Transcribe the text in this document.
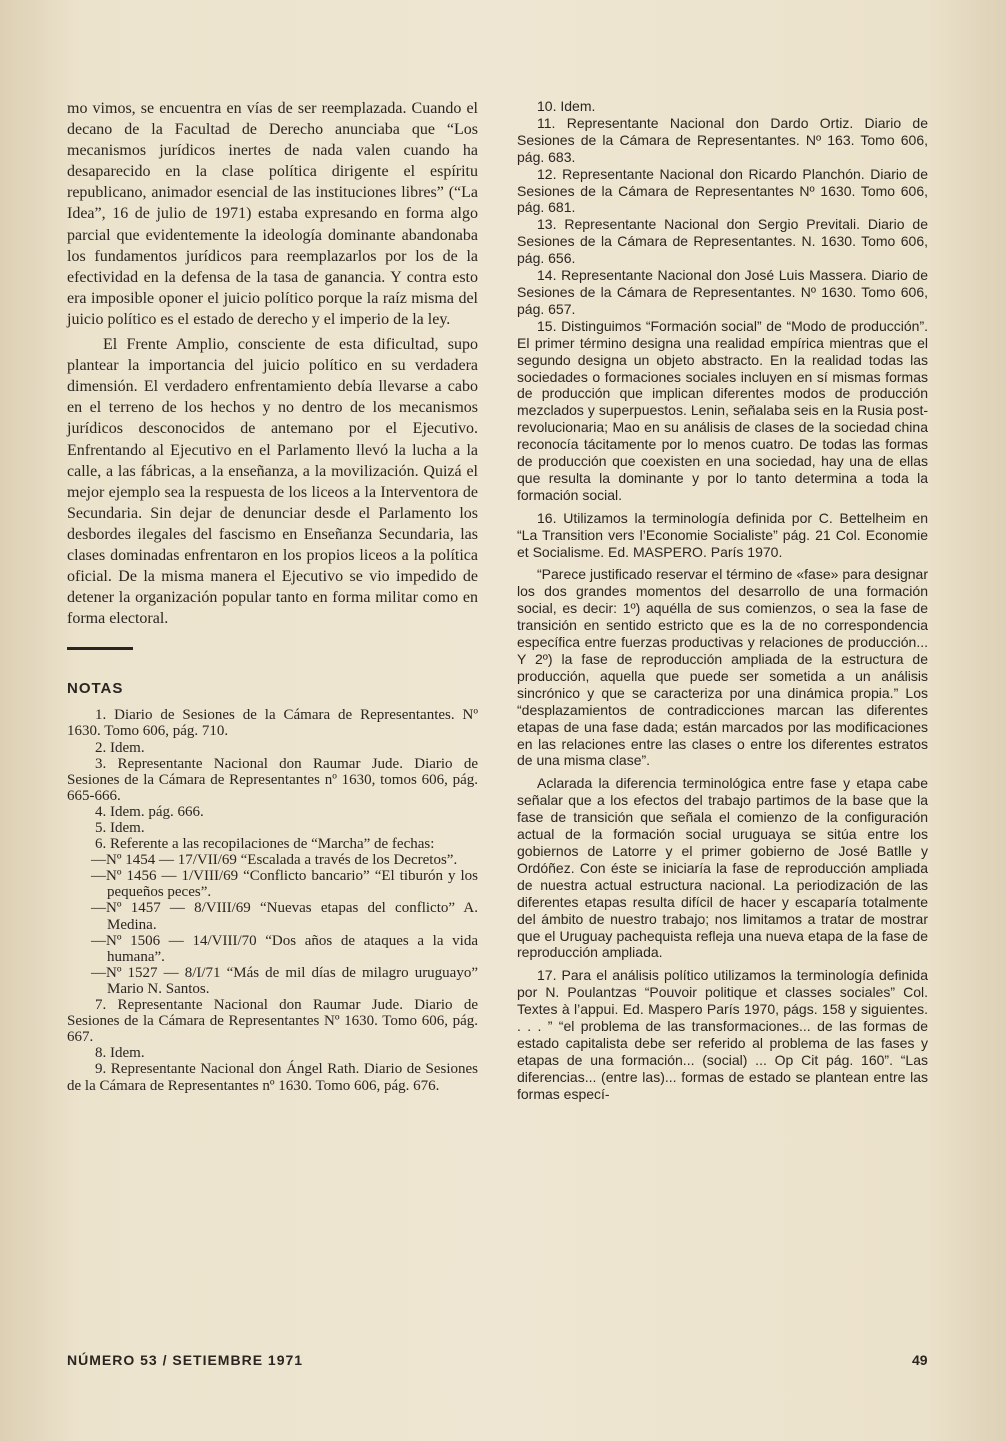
mo vimos, se encuentra en vías de ser reemplazada. Cuando el decano de la Facultad de Derecho anunciaba que “Los mecanismos jurídicos inertes de nada valen cuando ha desaparecido en la clase política dirigente el espíritu republicano, animador esencial de las instituciones libres” (“La Idea”, 16 de julio de 1971) estaba expresando en forma algo parcial que evidentemente la ideología dominante abandonaba los fundamentos jurídicos para reemplazarlos por los de la efectividad en la defensa de la tasa de ganancia. Y contra esto era imposible oponer el juicio político porque la raíz misma del juicio político es el estado de derecho y el imperio de la ley.

El Frente Amplio, consciente de esta dificultad, supo plantear la importancia del juicio político en su verdadera dimensión. El verdadero enfrentamiento debía llevarse a cabo en el terreno de los hechos y no dentro de los mecanismos jurídicos desconocidos de antemano por el Ejecutivo. Enfrentando al Ejecutivo en el Parlamento llevó la lucha a la calle, a las fábricas, a la enseñanza, a la movilización. Quizá el mejor ejemplo sea la respuesta de los liceos a la Interventora de Secundaria. Sin dejar de denunciar desde el Parlamento los desbordes ilegales del fascismo en Enseñanza Secundaria, las clases dominadas enfrentaron en los propios liceos a la política oficial. De la misma manera el Ejecutivo se vio impedido de detener la organización popular tanto en forma militar como en forma electoral.

NOTAS

1. Diario de Sesiones de la Cámara de Representantes. Nº 1630. Tomo 606, pág. 710.

2. Idem.

3. Representante Nacional don Raumar Jude. Diario de Sesiones de la Cámara de Representantes nº 1630, tomos 606, pág. 665-666.

4. Idem. pág. 666.

5. Idem.

6. Referente a las recopilaciones de “Marcha” de fechas:

—Nº 1454 — 17/VII/69 “Escalada a través de los Decretos”.

—Nº 1456 — 1/VIII/69 “Conflicto bancario” “El tiburón y los pequeños peces”.

—Nº 1457 — 8/VIII/69 “Nuevas etapas del conflicto” A. Medina.

—Nº 1506 — 14/VIII/70 “Dos años de ataques a la vida humana”.

—Nº 1527 — 8/I/71 “Más de mil días de milagro uruguayo” Mario N. Santos.

7. Representante Nacional don Raumar Jude. Diario de Sesiones de la Cámara de Representantes Nº 1630. Tomo 606, pág. 667.

8. Idem.

9. Representante Nacional don Ángel Rath. Diario de Sesiones de la Cámara de Representantes nº 1630. Tomo 606, pág. 676.

10. Idem.

11. Representante Nacional don Dardo Ortiz. Diario de Sesiones de la Cámara de Representantes. Nº 163. Tomo 606, pág. 683.

12. Representante Nacional don Ricardo Planchón. Diario de Sesiones de la Cámara de Representantes Nº 1630. Tomo 606, pág. 681.

13. Representante Nacional don Sergio Previtali. Diario de Sesiones de la Cámara de Representantes. N. 1630. Tomo 606, pág. 656.

14. Representante Nacional don José Luis Massera. Diario de Sesiones de la Cámara de Representantes. Nº 1630. Tomo 606, pág. 657.

15. Distinguimos “Formación social” de “Modo de producción”. El primer término designa una realidad empírica mientras que el segundo designa un objeto abstracto. En la realidad todas las sociedades o formaciones sociales incluyen en sí mismas formas de producción que implican diferentes modos de producción mezclados y superpuestos. Lenin, señalaba seis en la Rusia post-revolucionaria; Mao en su análisis de clases de la sociedad china reconocía tácitamente por lo menos cuatro. De todas las formas de producción que coexisten en una sociedad, hay una de ellas que resulta la dominante y por lo tanto determina a toda la formación social.

16. Utilizamos la terminología definida por C. Bettelheim en “La Transition vers l’Economie Socialiste” pág. 21 Col. Economie et Socialisme. Ed. MASPERO. París 1970.

“Parece justificado reservar el término de «fase» para designar los dos grandes momentos del desarrollo de una formación social, es decir: 1º) aquélla de sus comienzos, o sea la fase de transición en sentido estricto que es la de no correspondencia específica entre fuerzas productivas y relaciones de producción... Y 2º) la fase de reproducción ampliada de la estructura de producción, aquella que puede ser sometida a un análisis sincrónico y que se caracteriza por una dinámica propia.” Los “desplazamientos de contradicciones marcan las diferentes etapas de una fase dada; están marcados por las modificaciones en las relaciones entre las clases o entre los diferentes estratos de una misma clase”.

Aclarada la diferencia terminológica entre fase y etapa cabe señalar que a los efectos del trabajo partimos de la base que la fase de transición que señala el comienzo de la configuración actual de la formación social uruguaya se sitúa entre los gobiernos de Latorre y el primer gobierno de José Batlle y Ordóñez. Con éste se iniciaría la fase de reproducción ampliada de nuestra actual estructura nacional. La periodización de las diferentes etapas resulta difícil de hacer y escaparía totalmente del ámbito de nuestro trabajo; nos limitamos a tratar de mostrar que el Uruguay pachequista refleja una nueva etapa de la fase de reproducción ampliada.

17. Para el análisis político utilizamos la terminología definida por N. Poulantzas “Pouvoir politique et classes sociales” Col. Textes à l’appui. Ed. Maspero París 1970, págs. 158 y siguientes. . . . ” “el problema de las transformaciones... de las formas de estado capitalista debe ser referido al problema de las fases y etapas de una formación... (social) ... Op Cit pág. 160”. “Las diferencias... (entre las)... formas de estado se plantean entre las formas especí-

NÚMERO 53 / SETIEMBRE 1971	49
